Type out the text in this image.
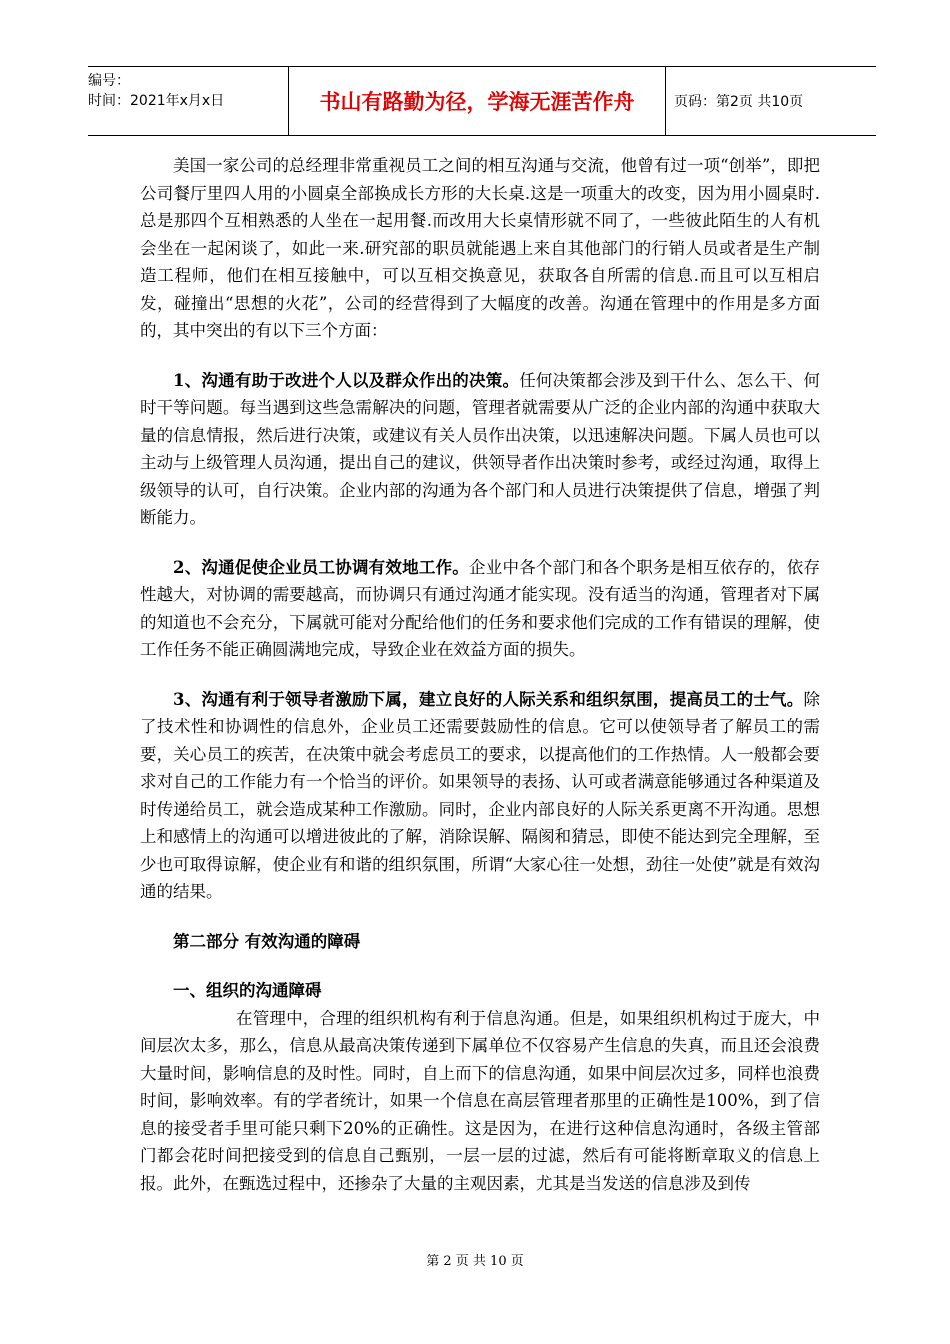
编号：
时间：2021年x月x日	书山有路勤为径，学海无涯苦作舟	页码：第2页 共10页

美国一家公司的总经理非常重视员工之间的相互沟通与交流，他曾有过一项“创举”，即把公司餐厅里四人用的小圆桌全部换成长方形的大长桌.这是一项重大的改变，因为用小圆桌时.总是那四个互相熟悉的人坐在一起用餐.而改用大长桌情形就不同了，一些彼此陌生的人有机会坐在一起闲谈了，如此一来.研究部的职员就能遇上来自其他部门的行销人员或者是生产制造工程师，他们在相互接触中，可以互相交换意见，获取各自所需的信息.而且可以互相启发，碰撞出“思想的火花”，公司的经营得到了大幅度的改善。沟通在管理中的作用是多方面的，其中突出的有以下三个方面：

1、沟通有助于改进个人以及群众作出的决策。任何决策都会涉及到干什么、怎么干、何时干等问题。每当遇到这些急需解决的问题，管理者就需要从广泛的企业内部的沟通中获取大量的信息情报，然后进行决策，或建议有关人员作出决策，以迅速解决问题。下属人员也可以主动与上级管理人员沟通，提出自己的建议，供领导者作出决策时参考，或经过沟通，取得上级领导的认可，自行决策。企业内部的沟通为各个部门和人员进行决策提供了信息，增强了判断能力。

2、沟通促使企业员工协调有效地工作。企业中各个部门和各个职务是相互依存的，依存性越大，对协调的需要越高，而协调只有通过沟通才能实现。没有适当的沟通，管理者对下属的知道也不会充分，下属就可能对分配给他们的任务和要求他们完成的工作有错误的理解，使工作任务不能正确圆满地完成，导致企业在效益方面的损失。

3、沟通有利于领导者激励下属，建立良好的人际关系和组织氛围，提高员工的士气。除了技术性和协调性的信息外，企业员工还需要鼓励性的信息。它可以使领导者了解员工的需要，关心员工的疾苦，在决策中就会考虑员工的要求，以提高他们的工作热情。人一般都会要求对自己的工作能力有一个恰当的评价。如果领导的表扬、认可或者满意能够通过各种渠道及时传递给员工，就会造成某种工作激励。同时，企业内部良好的人际关系更离不开沟通。思想上和感情上的沟通可以增进彼此的了解，消除误解、隔阂和猜忌，即使不能达到完全理解，至少也可取得谅解，使企业有和谐的组织氛围，所谓“大家心往一处想，劲往一处使”就是有效沟通的结果。

第二部分 有效沟通的障碍
一、组织的沟通障碍

在管理中，合理的组织机构有利于信息沟通。但是，如果组织机构过于庞大，中间层次太多，那么，信息从最高决策传递到下属单位不仅容易产生信息的失真，而且还会浪费大量时间，影响信息的及时性。同时，自上而下的信息沟通，如果中间层次过多，同样也浪费时间，影响效率。有的学者统计，如果一个信息在高层管理者那里的正确性是100%，到了信息的接受者手里可能只剩下20%的正确性。这是因为，在进行这种信息沟通时，各级主管部门都会花时间把接受到的信息自己甄别，一层一层的过滤，然后有可能将断章取义的信息上报。此外，在甄选过程中，还掺杂了大量的主观因素，尤其是当发送的信息涉及到传

第 2 页 共 10 页
